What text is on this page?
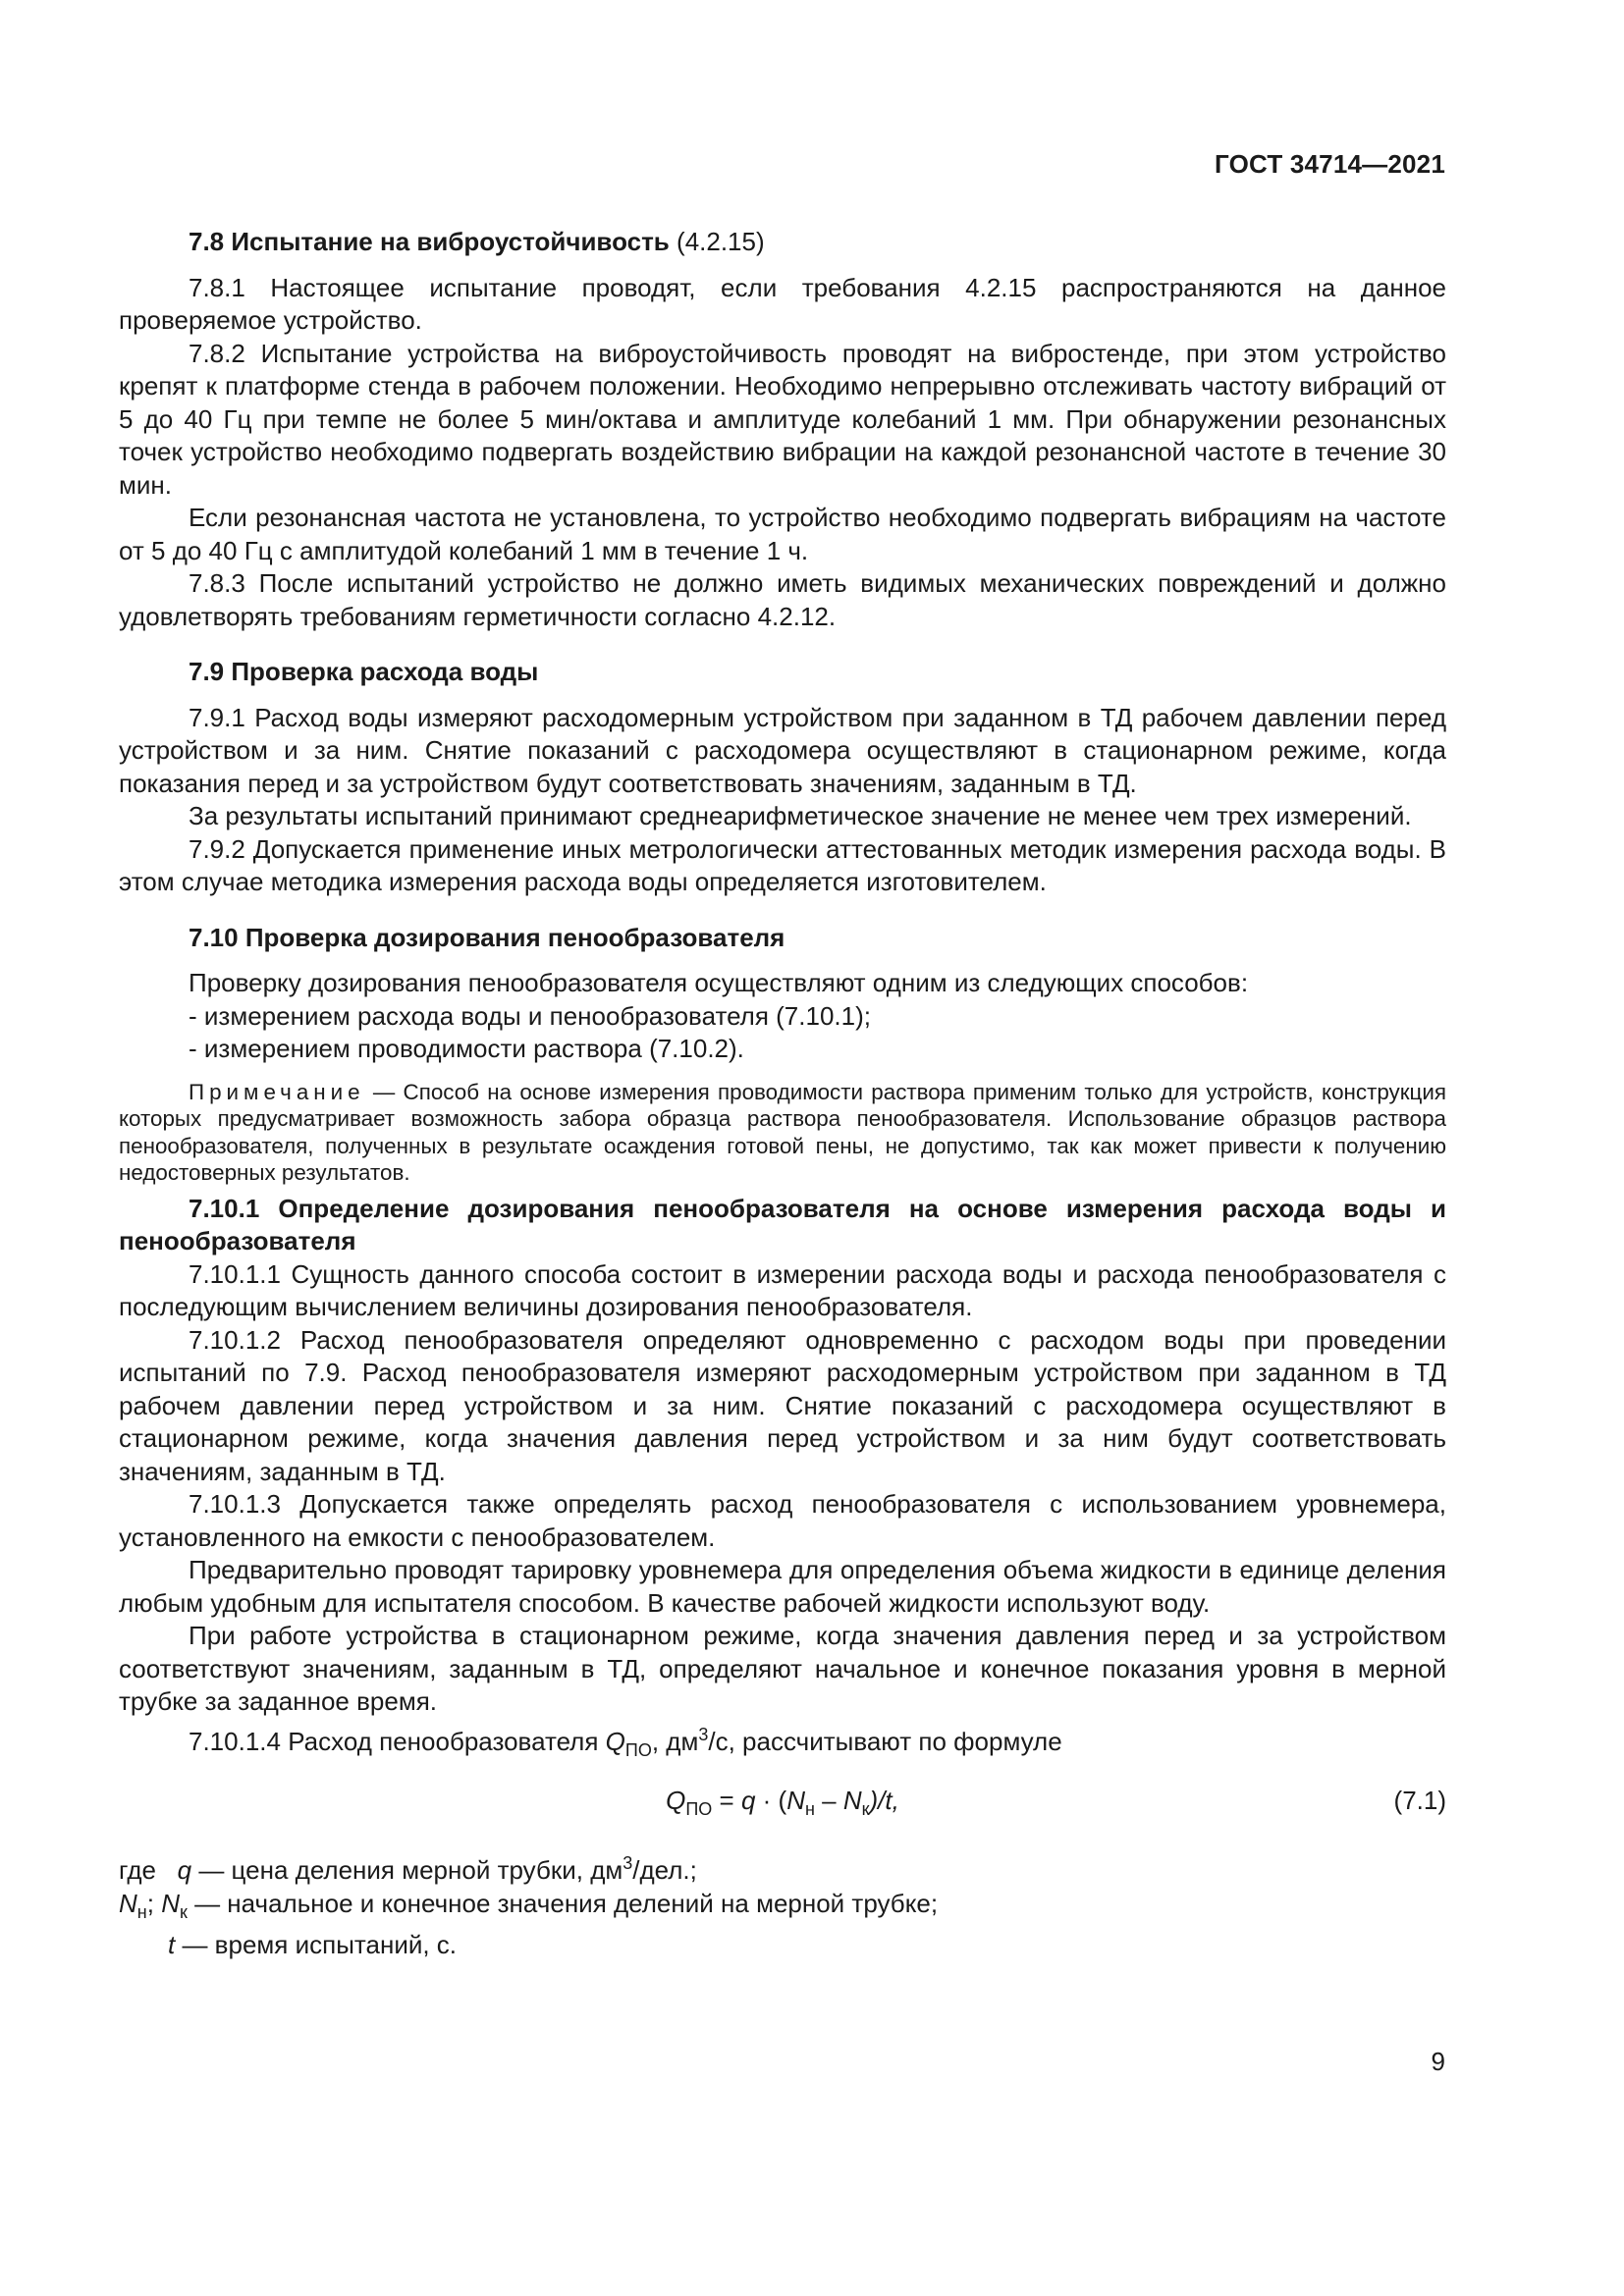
ГОСТ 34714—2021

7.8 Испытание на виброустойчивость (4.2.15)

7.8.1 Настоящее испытание проводят, если требования 4.2.15 распространяются на данное проверяемое устройство.

7.8.2 Испытание устройства на виброустойчивость проводят на вибростенде, при этом устройство крепят к платформе стенда в рабочем положении. Необходимо непрерывно отслеживать частоту вибраций от 5 до 40 Гц при темпе не более 5 мин/октава и амплитуде колебаний 1 мм. При обнаружении резонансных точек устройство необходимо подвергать воздействию вибрации на каждой резонансной частоте в течение 30 мин.

Если резонансная частота не установлена, то устройство необходимо подвергать вибрациям на частоте от 5 до 40 Гц с амплитудой колебаний 1 мм в течение 1 ч.

7.8.3 После испытаний устройство не должно иметь видимых механических повреждений и должно удовлетворять требованиям герметичности согласно 4.2.12.

7.9 Проверка расхода воды

7.9.1 Расход воды измеряют расходомерным устройством при заданном в ТД рабочем давлении перед устройством и за ним. Снятие показаний с расходомера осуществляют в стационарном режиме, когда показания перед и за устройством будут соответствовать значениям, заданным в ТД.

За результаты испытаний принимают среднеарифметическое значение не менее чем трех измерений.

7.9.2 Допускается применение иных метрологически аттестованных методик измерения расхода воды. В этом случае методика измерения расхода воды определяется изготовителем.

7.10 Проверка дозирования пенообразователя

Проверку дозирования пенообразователя осуществляют одним из следующих способов:

- измерением расхода воды и пенообразователя (7.10.1);

- измерением проводимости раствора (7.10.2).

Примечание — Способ на основе измерения проводимости раствора применим только для устройств, конструкция которых предусматривает возможность забора образца раствора пенообразователя. Использование образцов раствора пенообразователя, полученных в результате осаждения готовой пены, не допустимо, так как может привести к получению недостоверных результатов.

7.10.1 Определение дозирования пенообразователя на основе измерения расхода воды и пенообразователя

7.10.1.1 Сущность данного способа состоит в измерении расхода воды и расхода пенообразователя с последующим вычислением величины дозирования пенообразователя.

7.10.1.2 Расход пенообразователя определяют одновременно с расходом воды при проведении испытаний по 7.9. Расход пенообразователя измеряют расходомерным устройством при заданном в ТД рабочем давлении перед устройством и за ним. Снятие показаний с расходомера осуществляют в стационарном режиме, когда значения давления перед устройством и за ним будут соответствовать значениям, заданным в ТД.

7.10.1.3 Допускается также определять расход пенообразователя с использованием уровнемера, установленного на емкости с пенообразователем.

Предварительно проводят тарировку уровнемера для определения объема жидкости в единице деления любым удобным для испытателя способом. В качестве рабочей жидкости используют воду.

При работе устройства в стационарном режиме, когда значения давления перед и за устройством соответствуют значениям, заданным в ТД, определяют начальное и конечное показания уровня в мерной трубке за заданное время.

7.10.1.4 Расход пенообразователя $Q_{ПО}$, $дм^3/с$, рассчитывают по формуле

$Q_{ПО} = q \cdot (N_н - N_к)/t$,	(7.1)
где q — цена деления мерной трубки, $дм^3$/дел.;
$N_н$; $N_к$ — начальное и конечное значения делений на мерной трубке;
t — время испытаний, с.
9
